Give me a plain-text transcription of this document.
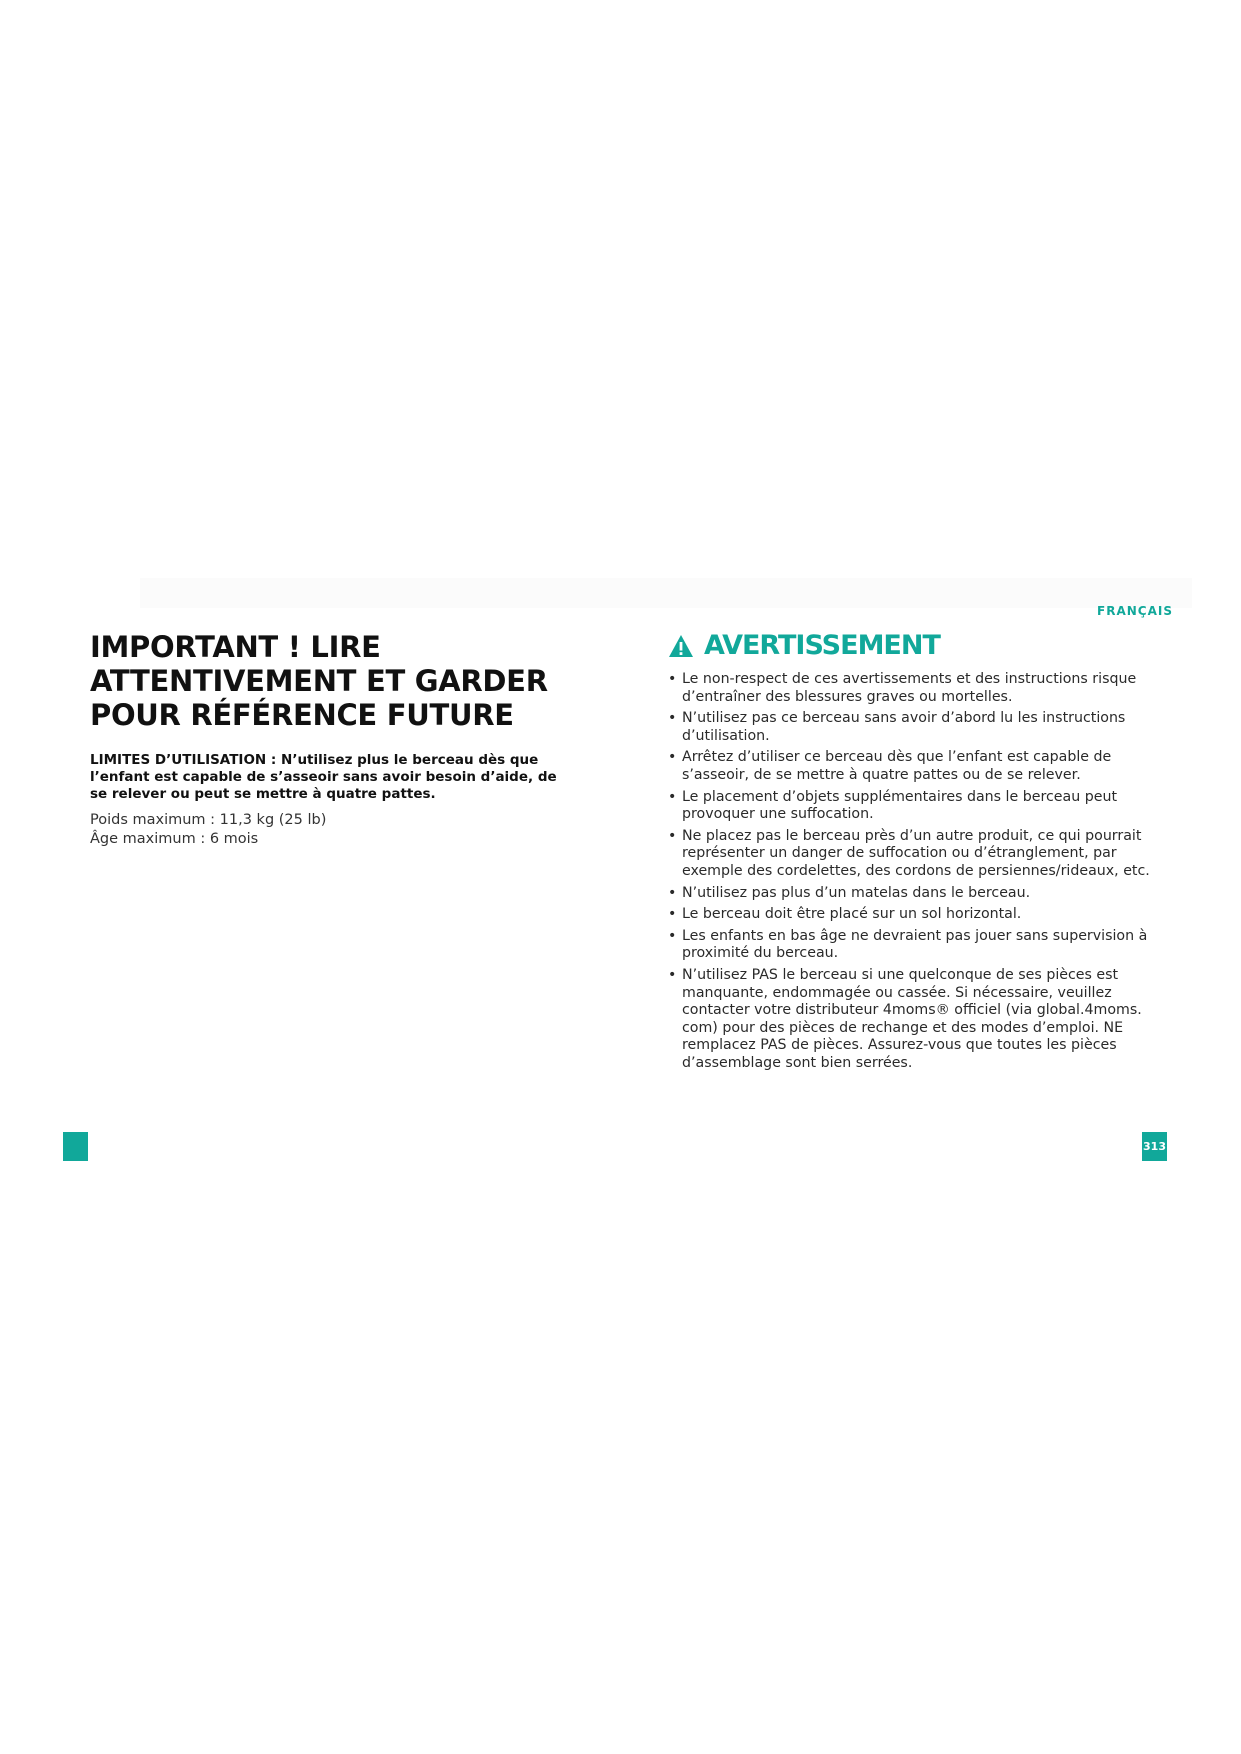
FRANÇAIS
IMPORTANT ! LIRE
ATTENTIVEMENT ET GARDER
POUR RÉFÉRENCE FUTURE

LIMITES D’UTILISATION : N’utilisez plus le berceau dès que l’enfant est capable de s’asseoir sans avoir besoin d’aide, de se relever ou peut se mettre à quatre pattes.

Poids maximum : 11,3 kg (25 lb)
Âge maximum : 6 mois
AVERTISSEMENT
• Le non-respect de ces avertissements et des instructions risque d’entraîner des blessures graves ou mortelles.
• N’utilisez pas ce berceau sans avoir d’abord lu les instructions d’utilisation.
• Arrêtez d’utiliser ce berceau dès que l’enfant est capable de s’asseoir, de se mettre à quatre pattes ou de se relever.
• Le placement d’objets supplémentaires dans le berceau peut provoquer une suffocation.
• Ne placez pas le berceau près d’un autre produit, ce qui pourrait représenter un danger de suffocation ou d’étranglement, par exemple des cordelettes, des cordons de persiennes/rideaux, etc.
• N’utilisez pas plus d’un matelas dans le berceau.
• Le berceau doit être placé sur un sol horizontal.
• Les enfants en bas âge ne devraient pas jouer sans supervision à proximité du berceau.
• N’utilisez PAS le berceau si une quelconque de ses pièces est manquante, endommagée ou cassée. Si nécessaire, veuillez contacter votre distributeur 4moms® officiel (via global.4moms. com) pour des pièces de rechange et des modes d’emploi. NE remplacez PAS de pièces. Assurez-vous que toutes les pièces d’assemblage sont bien serrées.
313
